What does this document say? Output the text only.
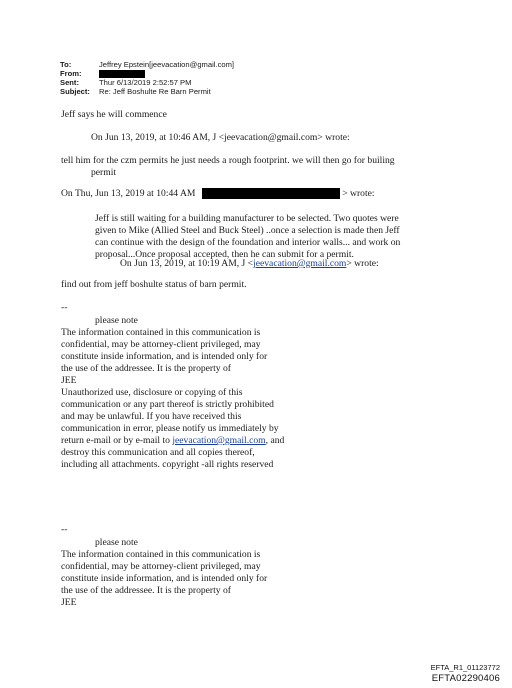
To:	Jeffrey Epstein[jeevacation@gmail.com]
From:
Sent:	Thur 6/13/2019 2:52:57 PM
Subject: Re: Jeff Boshulte Re Barn Permit
Jeff says he will commence
On Jun 13, 2019, at 10:46 AM, J <jeevacation@gmail.com> wrote:
tell him for the czm permits he just needs a rough footprint. we will then go for builing
permit
On Thu, Jun 13, 2019 at 10:44 AM	> wrote:
Jeff is still waiting for a building manufacturer to be selected. Two quotes were
given to Mike (Allied Steel and Buck Steel) ..once a selection is made then Jeff
can continue with the design of the foundation and interior walls... and work on
proposal...Once proposal accepted, then he can submit for a permit.
On Jun 13, 2019, at 10:19 AM, J <jeevacation@gmail.com> wrote:
find out from jeff boshulte status of barn permit.
--
please note
The information contained in this communication is
confidential, may be attorney-client privileged, may
constitute inside information, and is intended only for
the use of the addressee. It is the property of
JEE
Unauthorized use, disclosure or copying of this
communication or any part thereof is strictly prohibited
and may be unlawful. If you have received this
communication in error, please notify us immediately by
return e-mail or by e-mail to jeevacation@gmail.com, and
destroy this communication and all copies thereof,
including all attachments. copyright -all rights reserved
--
please note
The information contained in this communication is
confidential, may be attorney-client privileged, may
constitute inside information, and is intended only for
the use of the addressee. It is the property of
JEE
EFTA_R1_01123772
EFTA02290406
